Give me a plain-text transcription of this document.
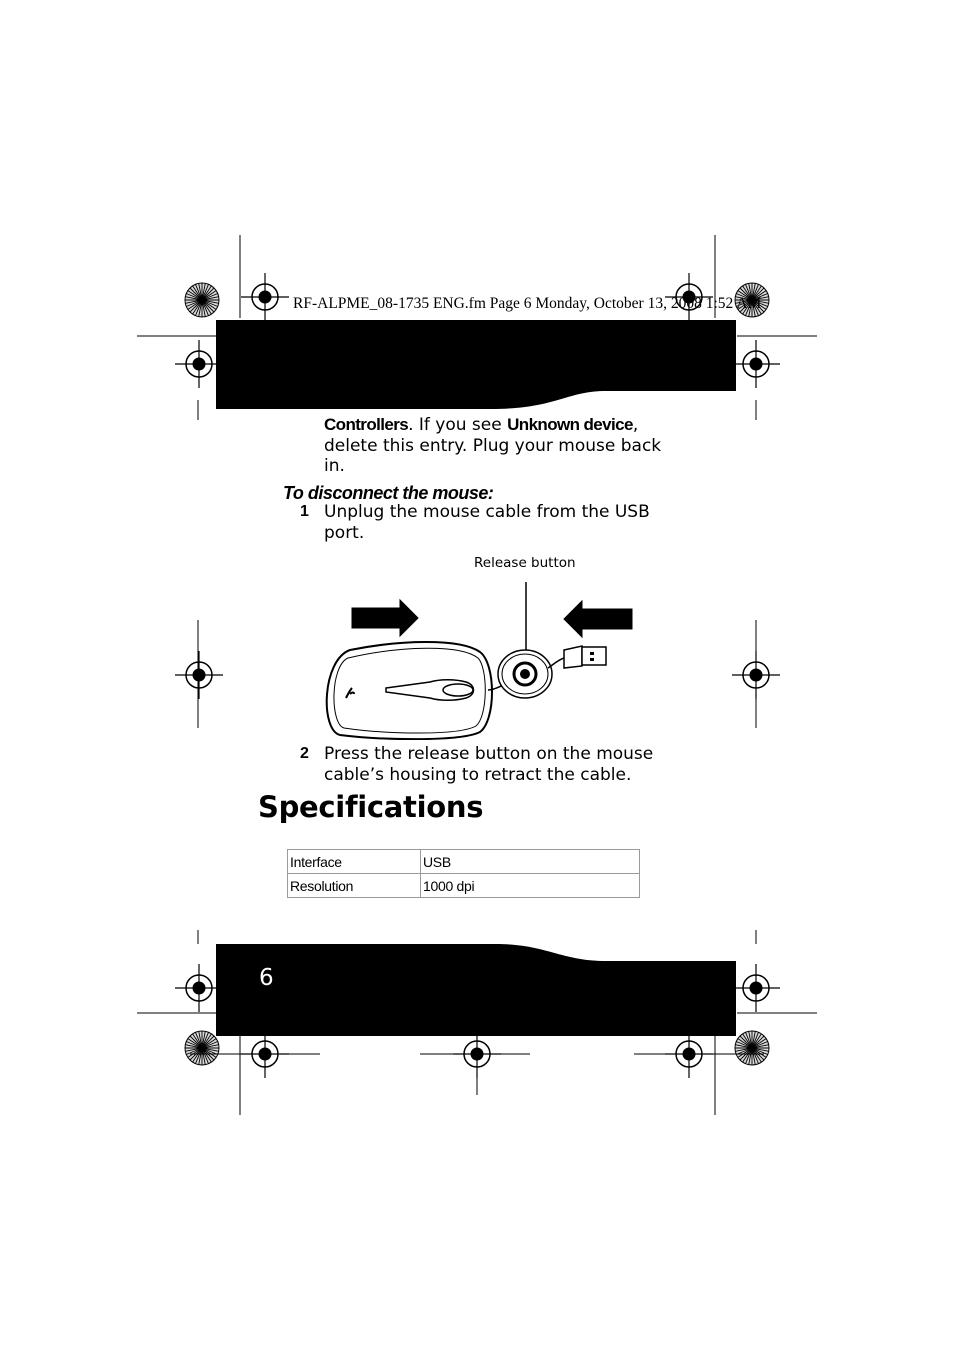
RF-ALPME_08-1735 ENG.fm Page 6 Monday, October 13, 2008 1:52 AM
Controllers. If you see Unknown device,
delete this entry. Plug your mouse back
in.
To disconnect the mouse:
1 Unplug the mouse cable from the USB
port.
Release button
2 Press the release button on the mouse
cable’s housing to retract the cable.
Specifications
Interface	USB
Resolution	1000 dpi
6
